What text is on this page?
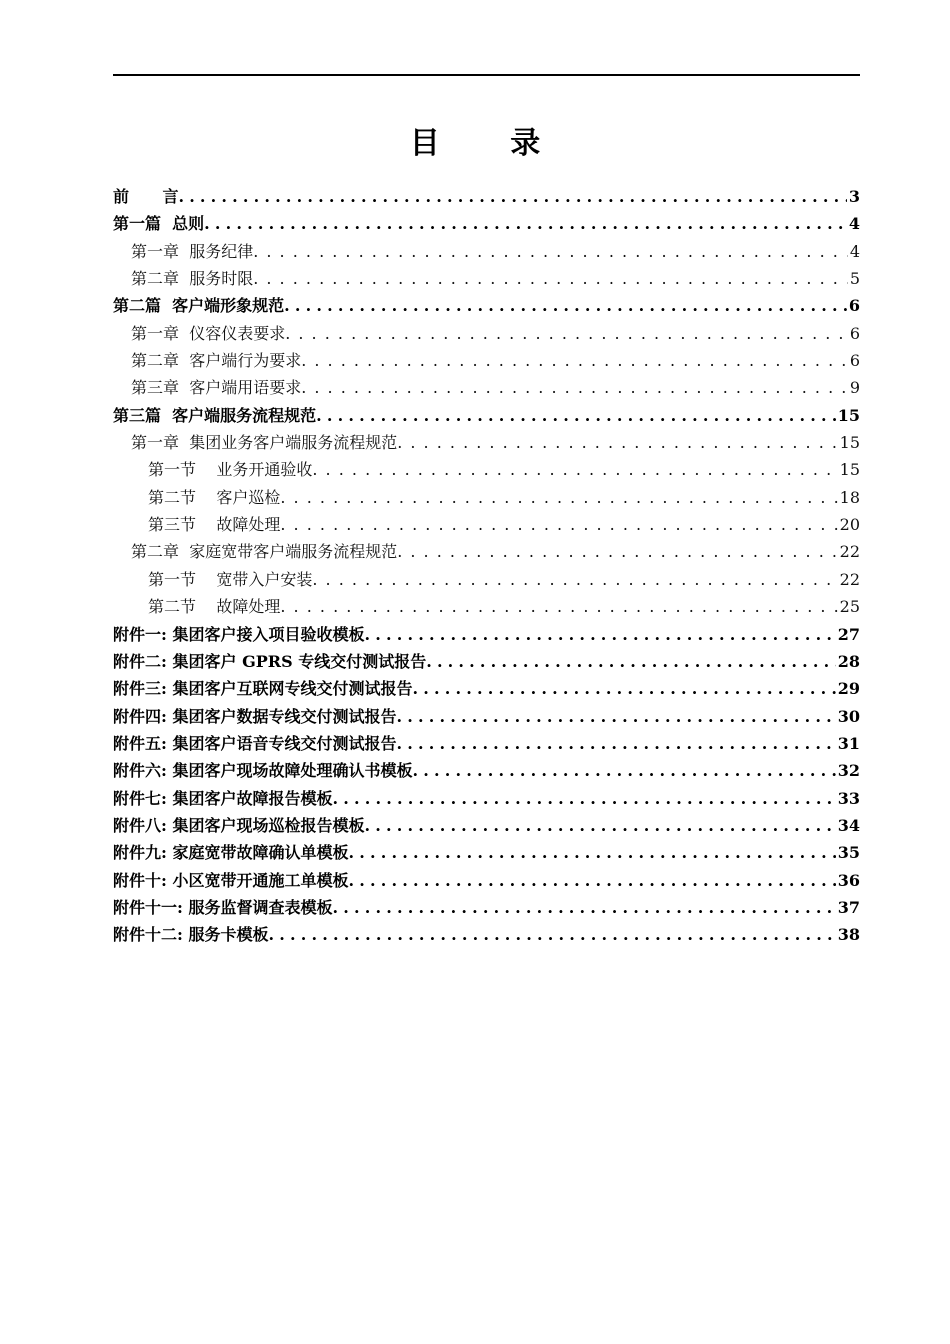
目 录
前 言 . . .	3
第一篇 总则 . . .	4
第一章 服务纪律 . . .	4
第二章 服务时限 . . .	5
第二篇 客户端形象规范 . . .	6
第一章 仪容仪表要求 . . .	6
第二章 客户端行为要求 . . .	6
第三章 客户端用语要求 . . .	9
第三篇 客户端服务流程规范 . . .	15
第一章 集团业务客户端服务流程规范 . . .	15
第一节 业务开通验收 . . .	15
第二节 客户巡检 . . .	18
第三节 故障处理 . . .	20
第二章 家庭宽带客户端服务流程规范 . . .	22
第一节 宽带入户安装 . . .	22
第二节 故障处理 . . .	25
附件一: 集团客户接入项目验收模板 . . .	27
附件二: 集团客户 GPRS 专线交付测试报告 . . .	28
附件三: 集团客户互联网专线交付测试报告 . . .	29
附件四: 集团客户数据专线交付测试报告 . . .	30
附件五: 集团客户语音专线交付测试报告 . . .	31
附件六: 集团客户现场故障处理确认书模板 . . .	32
附件七: 集团客户故障报告模板 . . .	33
附件八: 集团客户现场巡检报告模板 . . .	34
附件九: 家庭宽带故障确认单模板 . . .	35
附件十: 小区宽带开通施工单模板 . . .	36
附件十一: 服务监督调查表模板 . . .	37
附件十二: 服务卡模板 . . .	38
